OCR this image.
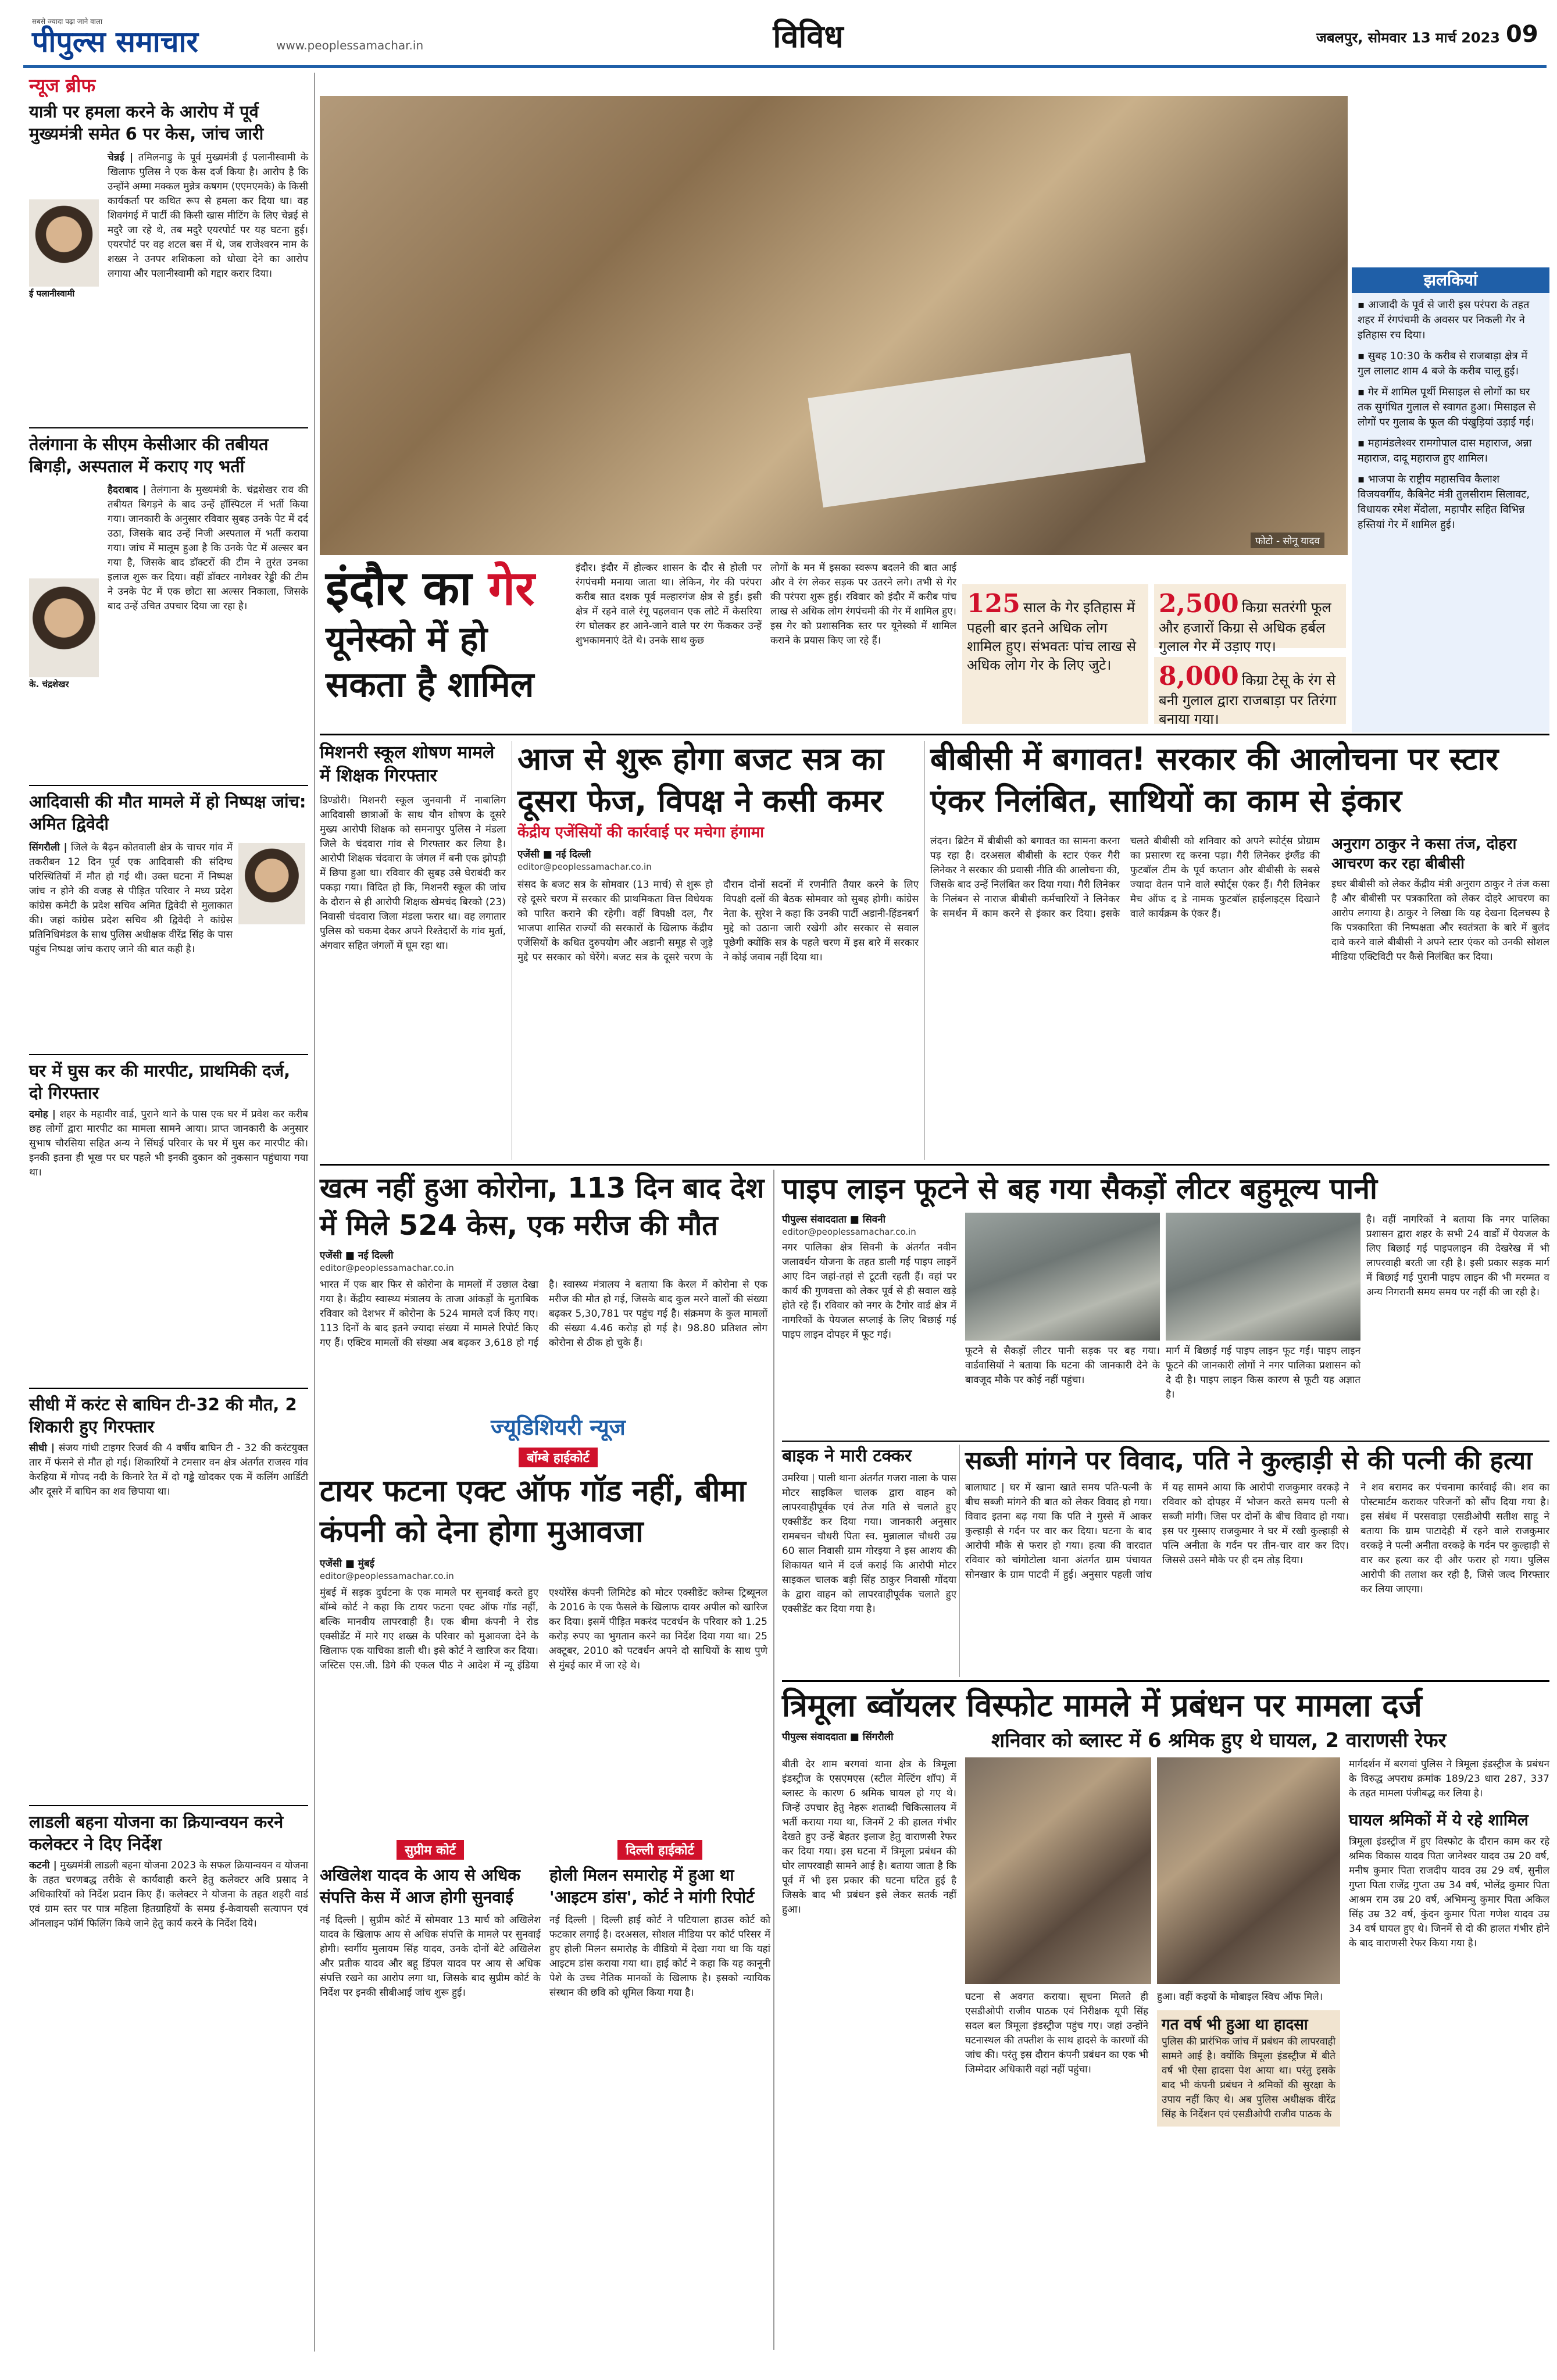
सबसे ज्यादा पढ़ा जाने वाला
पीपुल्स समाचार	www.peoplessamachar.in	विविध	जबलपुर, सोमवार 13 मार्च 2023 09
न्यूज ब्रीफ
यात्री पर हमला करने के आरोप में पूर्व मुख्यमंत्री समेत 6 पर केस, जांच जारी
ई पलानीस्वामी
चेन्नई | तमिलनाडु के पूर्व मुख्यमंत्री ई पलानीस्वामी के खिलाफ पुलिस ने एक केस दर्ज किया है। आरोप है कि उन्होंने अम्मा मक्कल मुन्नेत्र कषगम (एएमएमके) के किसी कार्यकर्ता पर कथित रूप से हमला कर दिया था। वह शिवगंगई में पार्टी की किसी खास मीटिंग के लिए चेन्नई से मदुरै जा रहे थे, तब मदुरै एयरपोर्ट पर यह घटना हुई। एयरपोर्ट पर वह शटल बस में थे, जब राजेश्वरन नाम के शख्स ने उनपर शशिकला को धोखा देने का आरोप लगाया और पलानीस्वामी को गद्दार करार दिया।
तेलंगाना के सीएम केसीआर की तबीयत बिगड़ी, अस्पताल में कराए गए भर्ती
के. चंद्रशेखर
हैदराबाद | तेलंगाना के मुख्यमंत्री के. चंद्रशेखर राव की तबीयत बिगड़ने के बाद उन्हें हॉस्पिटल में भर्ती किया गया। जानकारी के अनुसार रविवार सुबह उनके पेट में दर्द उठा, जिसके बाद उन्हें निजी अस्पताल में भर्ती कराया गया। जांच में मालूम हुआ है कि उनके पेट में अल्सर बन गया है, जिसके बाद डॉक्टरों की टीम ने तुरंत उनका इलाज शुरू कर दिया। वहीं डॉक्टर नागेश्वर रेड्डी की टीम ने उनके पेट में एक छोटा सा अल्सर निकाला, जिसके बाद उन्हें उचित उपचार दिया जा रहा है।
आदिवासी की मौत मामले में हो निष्पक्ष जांच: अमित द्विवेदी
सिंगरौली | जिले के बैढ़न कोतवाली क्षेत्र के चाचर गांव में तकरीबन 12 दिन पूर्व एक आदिवासी की संदिग्ध परिस्थितियों में मौत हो गई थी। उक्त घटना में निष्पक्ष जांच न होने की वजह से पीड़ित परिवार ने मध्य प्रदेश कांग्रेस कमेटी के प्रदेश सचिव अमित द्विवेदी से मुलाकात की। जहां कांग्रेस प्रदेश सचिव श्री द्विवेदी ने कांग्रेस प्रतिनिधिमंडल के साथ पुलिस अधीक्षक वीरेंद्र सिंह के पास पहुंच निष्पक्ष जांच कराए जाने की बात कही है।
घर में घुस कर की मारपीट, प्राथमिकी दर्ज, दो गिरफ्तार
दमोह | शहर के महावीर वार्ड, पुराने थाने के पास एक घर में प्रवेश कर करीब छह लोगों द्वारा मारपीट का मामला सामने आया। प्राप्त जानकारी के अनुसार सुभाष चौरसिया सहित अन्य ने सिंघई परिवार के घर में घुस कर मारपीट की। इनकी इतना ही भूख पर घर पहले भी इनकी दुकान को नुकसान पहुंचाया गया था।
सीधी में करंट से बाघिन टी-32 की मौत, 2 शिकारी हुए गिरफ्तार
सीधी | संजय गांधी टाइगर रिजर्व की 4 वर्षीय बाघिन टी - 32 की करंटयुक्त तार में फंसने से मौत हो गई। शिकारियों ने टमसार वन क्षेत्र अंतर्गत राजस्व गांव केरहिया में गोपद नदी के किनारे रेत में दो गड्ढे खोदकर एक में कलिंग आर्डिटी और दूसरे में बाघिन का शव छिपाया था।
लाडली बहना योजना का क्रियान्वयन करने कलेक्टर ने दिए निर्देश
कटनी | मुख्यमंत्री लाडली बहना योजना 2023 के सफल क्रियान्वयन व योजना के तहत चरणबद्ध तरीके से कार्यवाही करने हेतु कलेक्टर अवि प्रसाद ने अधिकारियों को निर्देश प्रदान किए हैं। कलेक्टर ने योजना के तहत शहरी वार्ड एवं ग्राम स्तर पर पात्र महिला हितग्राहियों के समग्र ई-केवायसी सत्यापन एवं ऑनलाइन फॉर्म फिलिंग किये जाने हेतु कार्य करने के निर्देश दिये।
फोटो - सोनू यादव
झलकियां
▪ आजादी के पूर्व से जारी इस परंपरा के तहत शहर में रंगपंचमी के अवसर पर निकली गेर ने इतिहास रच दिया।
▪ सुबह 10:30 के करीब से राजबाड़ा क्षेत्र में गुल लालाट शाम 4 बजे के करीब चालू हुई।
▪ गेर में शामिल पूर्थी मिसाइल से लोगों का घर तक सुगंधित गुलाल से स्वागत हुआ। मिसाइल से लोगों पर गुलाब के फूल की पंखुड़ियां उड़ाई गई।
▪ महामंडलेश्वर रामगोपाल दास महाराज, अन्ना महाराज, दादू महाराज हुए शामिल।
▪ भाजपा के राष्ट्रीय महासचिव कैलाश विजयवर्गीय, कैबिनेट मंत्री तुलसीराम सिलावट, विधायक रमेश मेंदोला, महापौर सहित विभिन्न हस्तियां गेर में शामिल हुई।
इंदौर का गेर
यूनेस्को में हो सकता है शामिल
इंदौर। इंदौर में होल्कर शासन के दौर से होली पर रंगपंचमी मनाया जाता था। लेकिन, गेर की परंपरा करीब सात दशक पूर्व मल्हारगंज क्षेत्र से हुई। इसी क्षेत्र में रहने वाले रंगू पहलवान एक लोटे में केसरिया रंग घोलकर हर आने-जाने वाले पर रंग फेंककर उन्हें शुभकामनाएं देते थे। उनके साथ कुछ
लोगों के मन में इसका स्वरूप बदलने की बात आई और वे रंग लेकर सड़क पर उतरने लगे। तभी से गेर की परंपरा शुरू हुई। रविवार को इंदौर में करीब पांच लाख से अधिक लोग रंगपंचमी की गेर में शामिल हुए। इस गेर को प्रशासनिक स्तर पर यूनेस्को में शामिल कराने के प्रयास किए जा रहे हैं।
125 साल के गेर इतिहास में पहली बार इतने अधिक लोग शामिल हुए। संभवतः पांच लाख से अधिक लोग गेर के लिए जुटे।
2,500 किग्रा सतरंगी फूल और हजारों किग्रा से अधिक हर्बल गुलाल गेर में उड़ाए गए।
8,000 किग्रा टेसू के रंग से बनी गुलाल द्वारा राजबाड़ा पर तिरंगा बनाया गया।
मिशनरी स्कूल शोषण मामले में शिक्षक गिरफ्तार
डिण्डोरी। मिशनरी स्कूल जुनवानी में नाबालिग आदिवासी छात्राओं के साथ यौन शोषण के दूसरे मुख्य आरोपी शिक्षक को समनापुर पुलिस ने मंडला जिले के चंदवारा गांव से गिरफ्तार कर लिया है। आरोपी शिक्षक चंदवारा के जंगल में बनी एक झोपड़ी में छिपा हुआ था। रविवार की सुबह उसे घेराबंदी कर पकड़ा गया। विदित हो कि, मिशनरी स्कूल की जांच के दौरान से ही आरोपी शिक्षक खेमचंद बिरको (23) निवासी चंदवारा जिला मंडला फरार था। वह लगातार पुलिस को चकमा देकर अपने रिश्तेदारों के गांव मुर्ता, अंगवार सहित जंगलों में घूम रहा था।
आज से शुरू होगा बजट सत्र का दूसरा फेज, विपक्ष ने कसी कमर
केंद्रीय एजेंसियों की कार्रवाई पर मचेगा हंगामा
एजेंसी ■ नई दिल्ली
editor@peoplessamachar.co.in
संसद के बजट सत्र के सोमवार (13 मार्च) से शुरू हो रहे दूसरे चरण में सरकार की प्राथमिकता वित्त विधेयक को पारित कराने की रहेगी। वहीं विपक्षी दल, गैर भाजपा शासित राज्यों की सरकारों के खिलाफ केंद्रीय एजेंसियों के कथित दुरुपयोग और अडानी समूह से जुड़े मुद्दे पर सरकार को घेरेंगे। बजट सत्र के दूसरे चरण के दौरान दोनों सदनों में रणनीति तैयार करने के लिए विपक्षी दलों की बैठक सोमवार को सुबह होगी। कांग्रेस नेता के. सुरेश ने कहा कि उनकी पार्टी अडानी-हिंडनबर्ग मुद्दे को उठाना जारी रखेगी और सरकार से सवाल पूछेगी क्योंकि सत्र के पहले चरण में इस बारे में सरकार ने कोई जवाब नहीं दिया था।
बीबीसी में बगावत! सरकार की आलोचना पर स्टार एंकर निलंबित, साथियों का काम से इंकार
लंदन। ब्रिटेन में बीबीसी को बगावत का सामना करना पड़ रहा है। दरअसल बीबीसी के स्टार एंकर गैरी लिनेकर ने सरकार की प्रवासी नीति की आलोचना की, जिसके बाद उन्हें निलंबित कर दिया गया। गैरी लिनेकर के निलंबन से नाराज बीबीसी कर्मचारियों ने लिनेकर के समर्थन में काम करने से इंकार कर दिया। इसके चलते बीबीसी को शनिवार को अपने स्पोर्ट्स प्रोग्राम का प्रसारण रद्द करना पड़ा। गैरी लिनेकर इंग्लैंड की फुटबॉल टीम के पूर्व कप्तान और बीबीसी के सबसे ज्यादा वेतन पाने वाले स्पोर्ट्स एंकर हैं। गैरी लिनेकर मैच ऑफ द डे नामक फुटबॉल हाईलाइट्स दिखाने वाले कार्यक्रम के एंकर हैं।
अनुराग ठाकुर ने कसा तंज, दोहरा आचरण कर रहा बीबीसी
इधर बीबीसी को लेकर केंद्रीय मंत्री अनुराग ठाकुर ने तंज कसा है और बीबीसी पर पत्रकारिता को लेकर दोहरे आचरण का आरोप लगाया है। ठाकुर ने लिखा कि यह देखना दिलचस्प है कि पत्रकारिता की निष्पक्षता और स्वतंत्रता के बारे में बुलंद दावे करने वाले बीबीसी ने अपने स्टार एंकर को उनकी सोशल मीडिया एक्टिविटी पर कैसे निलंबित कर दिया।
खत्म नहीं हुआ कोरोना, 113 दिन बाद देश में मिले 524 केस, एक मरीज की मौत
एजेंसी ■ नई दिल्ली
editor@peoplessamachar.co.in
भारत में एक बार फिर से कोरोना के मामलों में उछाल देखा गया है। केंद्रीय स्वास्थ्य मंत्रालय के ताजा आंकड़ों के मुताबिक रविवार को देशभर में कोरोना के 524 मामले दर्ज किए गए। 113 दिनों के बाद इतने ज्यादा संख्या में मामले रिपोर्ट किए गए हैं। एक्टिव मामलों की संख्या अब बढ़कर 3,618 हो गई है। स्वास्थ्य मंत्रालय ने बताया कि केरल में कोरोना से एक मरीज की मौत हो गई, जिसके बाद कुल मरने वालों की संख्या बढ़कर 5,30,781 पर पहुंच गई है। संक्रमण के कुल मामलों की संख्या 4.46 करोड़ हो गई है। 98.80 प्रतिशत लोग कोरोना से ठीक हो चुके हैं।
ज्यूडिशियरी न्यूज
बॉम्बे हाईकोर्ट
टायर फटना एक्ट ऑफ गॉड नहीं, बीमा कंपनी को देना होगा मुआवजा
एजेंसी ■ मुंबई
editor@peoplessamachar.co.in
मुंबई में सड़क दुर्घटना के एक मामले पर सुनवाई करते हुए बॉम्बे कोर्ट ने कहा कि टायर फटना एक्ट ऑफ गॉड नहीं, बल्कि मानवीय लापरवाही है। एक बीमा कंपनी ने रोड एक्सीडेंट में मारे गए शख्स के परिवार को मुआवजा देने के खिलाफ एक याचिका डाली थी। इसे कोर्ट ने खारिज कर दिया। जस्टिस एस.जी. डिगे की एकल पीठ ने आदेश में न्यू इंडिया एश्योरेंस कंपनी लिमिटेड को मोटर एक्सीडेंट क्लेम्स ट्रिब्यूनल के 2016 के एक फैसले के खिलाफ दायर अपील को खारिज कर दिया। इसमें पीड़ित मकरंद पटवर्धन के परिवार को 1.25 करोड़ रुपए का भुगतान करने का निर्देश दिया गया था। 25 अक्टूबर, 2010 को पटवर्धन अपने दो साथियों के साथ पुणे से मुंबई कार में जा रहे थे।
सुप्रीम कोर्ट
अखिलेश यादव के आय से अधिक संपत्ति केस में आज होगी सुनवाई
नई दिल्ली | सुप्रीम कोर्ट में सोमवार 13 मार्च को अखिलेश यादव के खिलाफ आय से अधिक संपत्ति के मामले पर सुनवाई होगी। स्वर्गीय मुलायम सिंह यादव, उनके दोनों बेटे अखिलेश और प्रतीक यादव और बहू डिंपल यादव पर आय से अधिक संपत्ति रखने का आरोप लगा था, जिसके बाद सुप्रीम कोर्ट के निर्देश पर इनकी सीबीआई जांच शुरू हुई।
दिल्ली हाईकोर्ट
होली मिलन समारोह में हुआ था 'आइटम डांस', कोर्ट ने मांगी रिपोर्ट
नई दिल्ली | दिल्ली हाई कोर्ट ने पटियाला हाउस कोर्ट को फटकार लगाई है। दरअसल, सोशल मीडिया पर कोर्ट परिसर में हुए होली मिलन समारोह के वीडियो में देखा गया था कि यहां आइटम डांस कराया गया था। हाई कोर्ट ने कहा कि यह कानूनी पेशे के उच्च नैतिक मानकों के खिलाफ है। इसको न्यायिक संस्थान की छवि को धूमिल किया गया है।
पाइप लाइन फूटने से बह गया सैकड़ों लीटर बहुमूल्य पानी
पीपुल्स संवाददाता ■ सिवनी
editor@peoplessamachar.co.in
नगर पालिका क्षेत्र सिवनी के अंतर्गत नवीन जलावर्धन योजना के तहत डाली गई पाइप लाइनें आए दिन जहां-तहां से टूटती रहती हैं। वहां पर कार्य की गुणवत्ता को लेकर पूर्व से ही सवाल खड़े होते रहे हैं। रविवार को नगर के टैगोर वार्ड क्षेत्र में नागरिकों के पेयजल सप्लाई के लिए बिछाई गई पाइप लाइन दोपहर में फूट गई।
फूटने से सैकड़ों लीटर पानी सड़क पर बह गया। वार्डवासियों ने बताया कि घटना की जानकारी देने के बावजूद मौके पर कोई नहीं पहुंचा।
मार्ग में बिछाई गई पाइप लाइन फूट गई। पाइप लाइन फूटने की जानकारी लोगों ने नगर पालिका प्रशासन को दे दी है। पाइप लाइन किस कारण से फूटी यह अज्ञात है।
है। वहीं नागरिकों ने बताया कि नगर पालिका प्रशासन द्वारा शहर के सभी 24 वार्डों में पेयजल के लिए बिछाई गई पाइपलाइन की देखरेख में भी लापरवाही बरती जा रही है। इसी प्रकार सड़क मार्ग में बिछाई गई पुरानी पाइप लाइन की भी मरम्मत व अन्य निगरानी समय समय पर नहीं की जा रही है।
बाइक ने मारी टक्कर
उमरिया | पाली थाना अंतर्गत गजरा नाला के पास मोटर साइकिल चालक द्वारा वाहन को लापरवाहीपूर्वक एवं तेज गति से चलाते हुए एक्सीडेंट कर दिया गया। जानकारी अनुसार रामबचन चौधरी पिता स्व. मुन्नालाल चौधरी उम्र 60 साल निवासी ग्राम गोरइया ने इस आशय की शिकायत थाने में दर्ज कराई कि आरोपी मोटर साइकल चालक बड़ी सिंह ठाकुर निवासी गोंदया के द्वारा वाहन को लापरवाहीपूर्वक चलाते हुए एक्सीडेंट कर दिया गया है।
सब्जी मांगने पर विवाद, पति ने कुल्हाड़ी से की पत्नी की हत्या
बालाघाट | घर में खाना खाते समय पति-पत्नी के बीच सब्जी मांगने की बात को लेकर विवाद हो गया। विवाद इतना बढ़ गया कि पति ने गुस्से में आकर कुल्हाड़ी से गर्दन पर वार कर दिया। घटना के बाद आरोपी मौके से फरार हो गया। हत्या की वारदात रविवार को चांगोटोला थाना अंतर्गत ग्राम पंचायत सोनखार के ग्राम पाटदी में हुई। अनुसार पहली जांच में यह सामने आया कि आरोपी राजकुमार वरकड़े ने रविवार को दोपहर में भोजन करते समय पत्नी से सब्जी मांगी। जिस पर दोनों के बीच विवाद हो गया। इस पर गुस्साए राजकुमार ने घर में रखी कुल्हाड़ी से पत्नि अनीता के गर्दन पर तीन-चार वार कर दिए। जिससे उसने मौके पर ही दम तोड़ दिया।
ने शव बरामद कर पंचनामा कार्रवाई की। शव का पोस्टमार्टम कराकर परिजनों को सौंप दिया गया है। इस संबंध में परसवाड़ा एसडीओपी सतीश साहू ने बताया कि ग्राम पाटादेही में रहने वाले राजकुमार वरकड़े ने पत्नी अनीता वरकड़े के गर्दन पर कुल्हाड़ी से वार कर हत्या कर दी और फरार हो गया। पुलिस आरोपी की तलाश कर रही है, जिसे जल्द गिरफ्तार कर लिया जाएगा।
त्रिमूला ब्वॉयलर विस्फोट मामले में प्रबंधन पर मामला दर्ज
पीपुल्स संवाददाता ■ सिंगरौली	शनिवार को ब्लास्ट में 6 श्रमिक हुए थे घायल, 2 वाराणसी रेफर
बीती देर शाम बरगवां थाना क्षेत्र के त्रिमूला इंडस्ट्रीज के एसएमएस (स्टील मेल्टिंग शॉप) में ब्लास्ट के कारण 6 श्रमिक घायल हो गए थे। जिन्हें उपचार हेतु नेहरू शताब्दी चिकित्सालय में भर्ती कराया गया था, जिनमें 2 की हालत गंभीर देखते हुए उन्हें बेहतर इलाज हेतु वाराणसी रेफर कर दिया गया। इस घटना में त्रिमूला प्रबंधन की घोर लापरवाही सामने आई है। बताया जाता है कि पूर्व में भी इस प्रकार की घटना घटित हुई है जिसके बाद भी प्रबंधन इसे लेकर सतर्क नहीं हुआ।
घटना से अवगत कराया। सूचना मिलते ही एसडीओपी राजीव पाठक एवं निरीक्षक यूपी सिंह सदल बल त्रिमूला इंडस्ट्रीज पहुंच गए। जहां उन्होंने घटनास्थल की तफ्तीश के साथ हादसे के कारणों की जांच की। परंतु इस दौरान कंपनी प्रबंधन का एक भी जिम्मेदार अधिकारी वहां नहीं पहुंचा।
हुआ। वहीं कइयों के मोबाइल स्विच ऑफ मिले।
गत वर्ष भी हुआ था हादसा
पुलिस की प्रारंभिक जांच में प्रबंधन की लापरवाही सामने आई है। क्योंकि त्रिमूला इंडस्ट्रीज में बीते वर्ष भी ऐसा हादसा पेश आया था। परंतु इसके बाद भी कंपनी प्रबंधन ने श्रमिकों की सुरक्षा के उपाय नहीं किए थे। अब पुलिस अधीक्षक वीरेंद्र सिंह के निर्देशन एवं एसडीओपी राजीव पाठक के
मार्गदर्शन में बरगवां पुलिस ने त्रिमूला इंडस्ट्रीज के प्रबंधन के विरुद्ध अपराध क्रमांक 189/23 धारा 287, 337 के तहत मामला पंजीबद्ध कर लिया है।
घायल श्रमिकों में ये रहे शामिल
त्रिमूला इंडस्ट्रीज में हुए विस्फोट के दौरान काम कर रहे श्रमिक विकास यादव पिता जानेश्वर यादव उम्र 20 वर्ष, मनीष कुमार पिता राजदीप यादव उम्र 29 वर्ष, सुनील गुप्ता पिता राजेंद्र गुप्ता उम्र 34 वर्ष, भोलेंद्र कुमार पिता आश्रम राम उम्र 20 वर्ष, अभिमन्यु कुमार पिता अकिल सिंह उम्र 32 वर्ष, कुंदन कुमार पिता गणेश यादव उम्र 34 वर्ष घायल हुए थे। जिनमें से दो की हालत गंभीर होने के बाद वाराणसी रेफर किया गया है।
